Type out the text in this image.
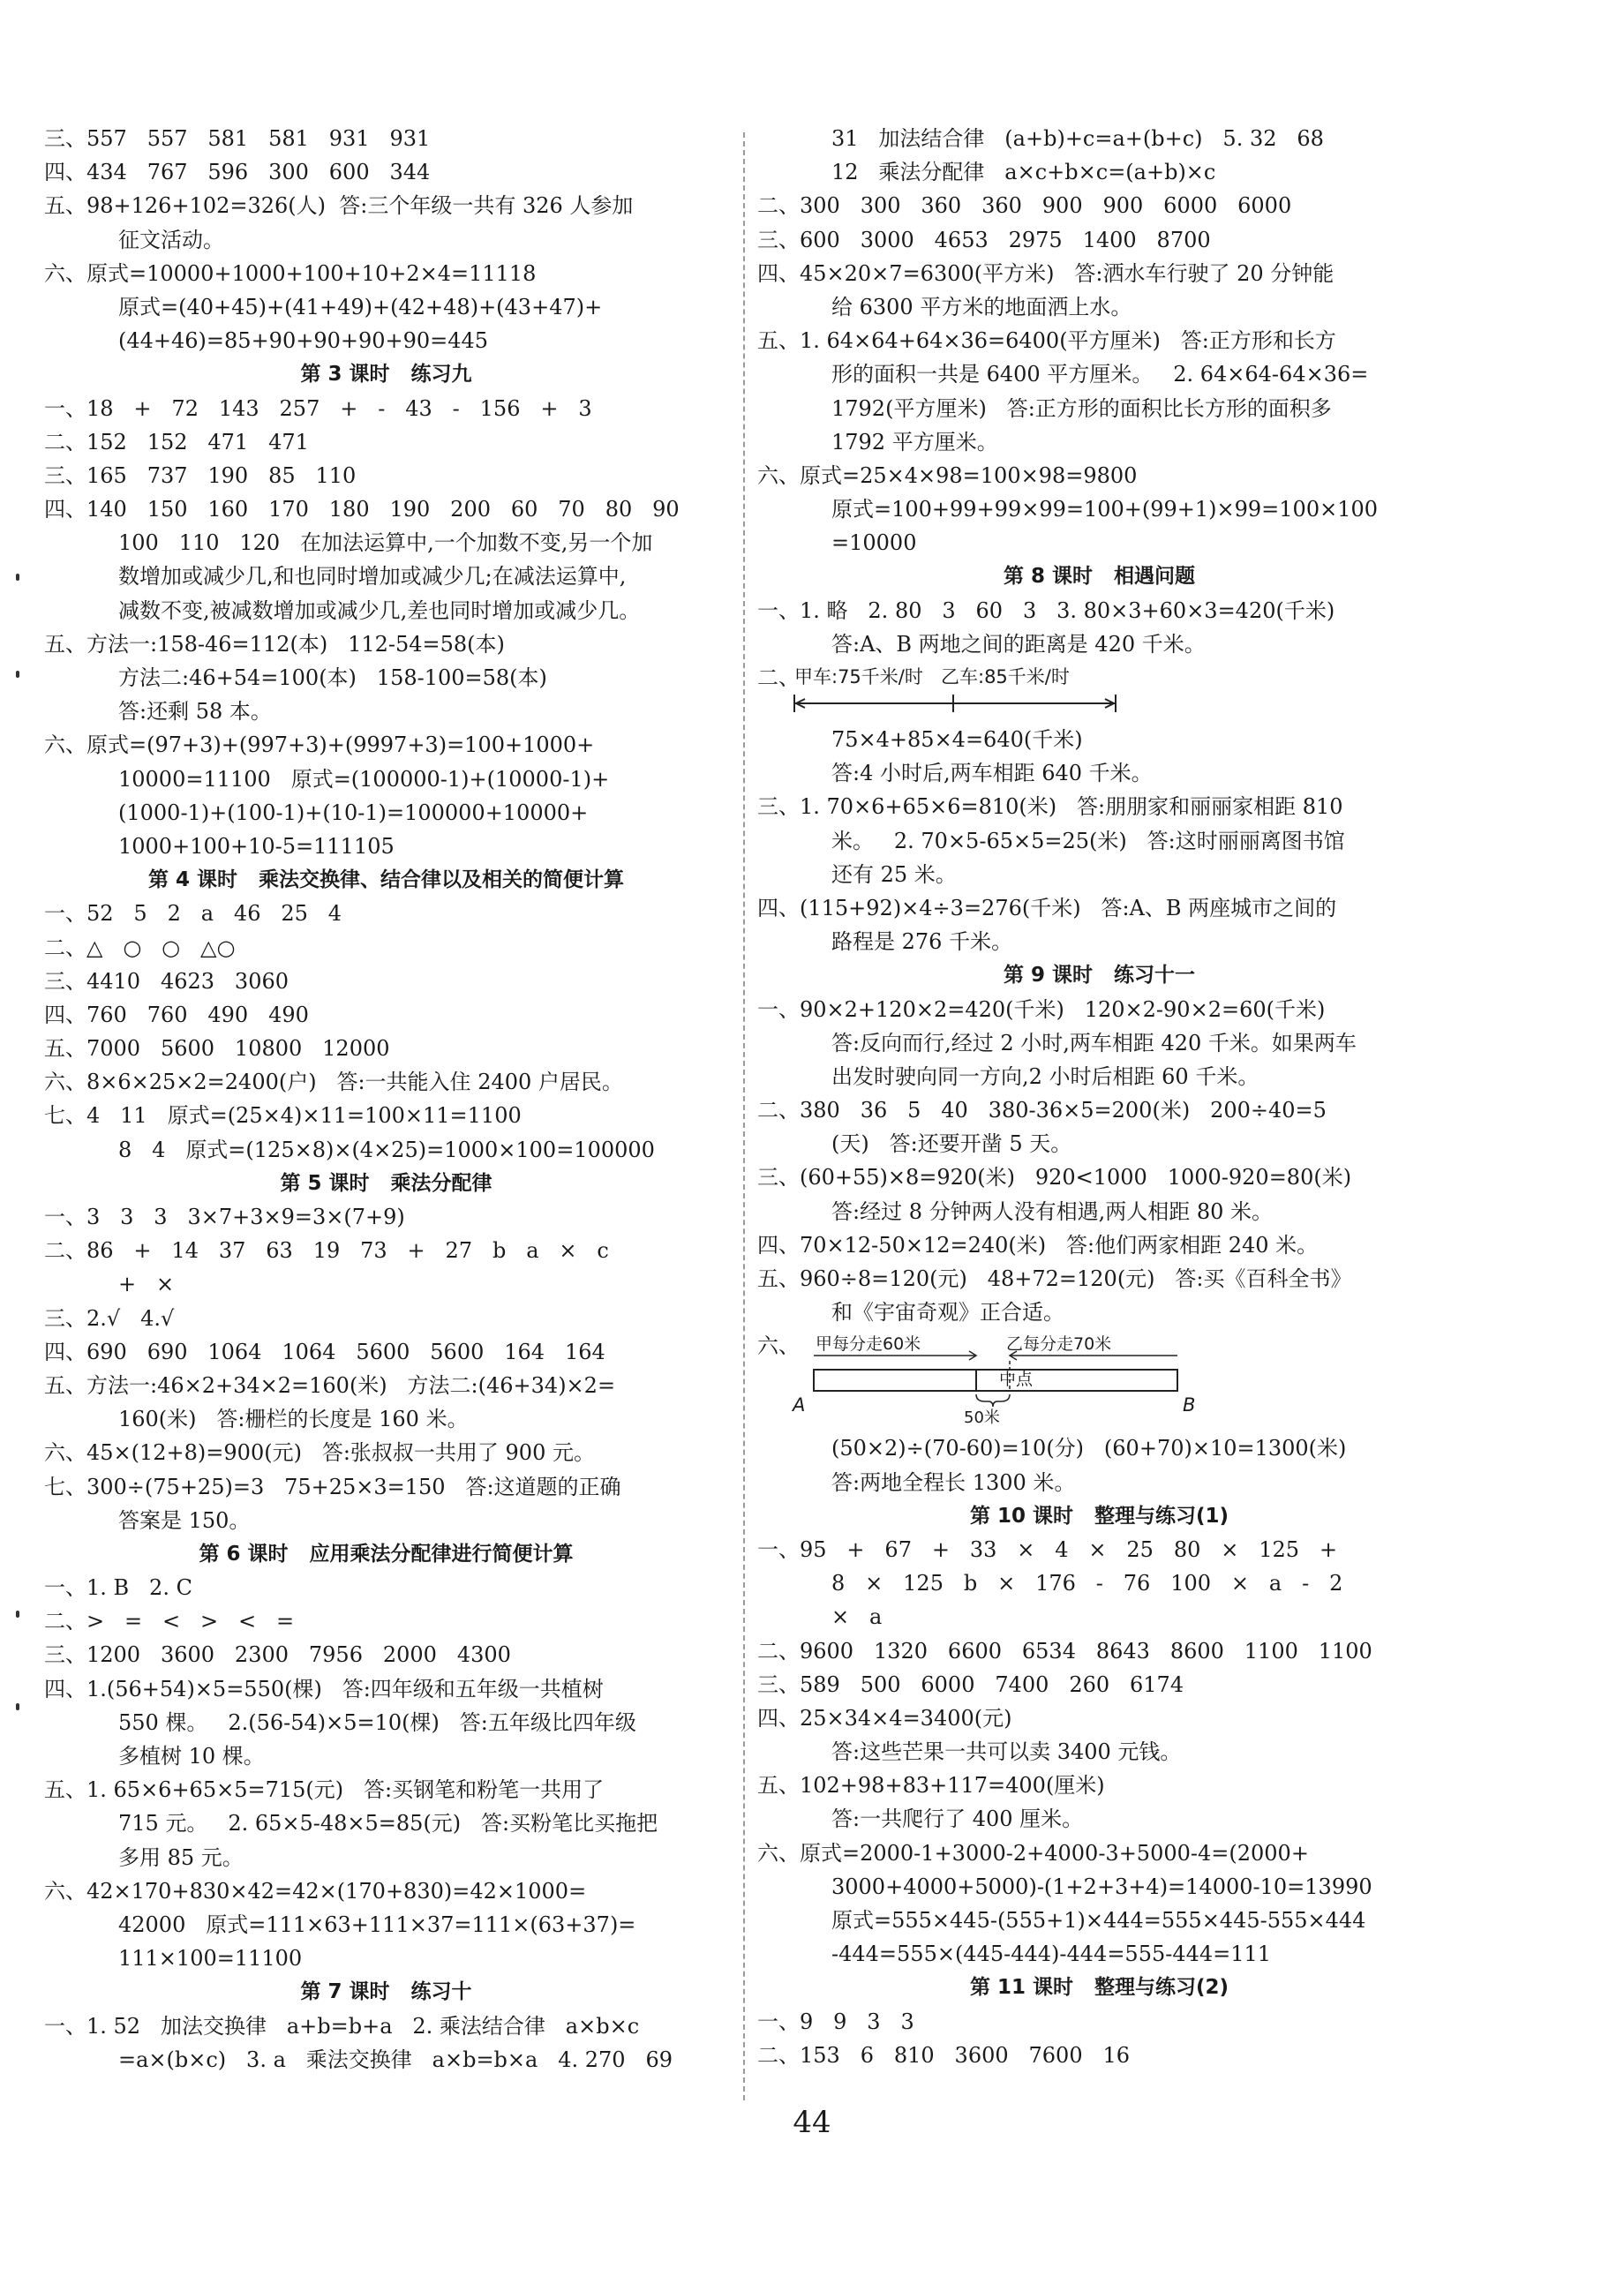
三、557   557   581   581   931   931
四、434   767   596   300   600   344
五、98+126+102=326(人)  答:三个年级一共有 326 人参加
征文活动。
六、原式=10000+1000+100+10+2×4=11118
原式=(40+45)+(41+49)+(42+48)+(43+47)+
(44+46)=85+90+90+90+90=445
第 3 课时   练习九
一、18   +   72   143   257   +   -   43   -   156   +   3
二、152   152   471   471
三、165   737   190   85   110
四、140   150   160   170   180   190   200   60   70   80   90
100   110   120   在加法运算中,一个加数不变,另一个加
数增加或减少几,和也同时增加或减少几;在减法运算中,
减数不变,被减数增加或减少几,差也同时增加或减少几。
五、方法一:158-46=112(本)   112-54=58(本)
方法二:46+54=100(本)   158-100=58(本)
答:还剩 58 本。
六、原式=(97+3)+(997+3)+(9997+3)=100+1000+
10000=11100   原式=(100000-1)+(10000-1)+
(1000-1)+(100-1)+(10-1)=100000+10000+
1000+100+10-5=111105
第 4 课时   乘法交换律、结合律以及相关的简便计算
一、52   5   2   a   46   25   4
二、△   ○   ○   △○
三、4410   4623   3060
四、760   760   490   490
五、7000   5600   10800   12000
六、8×6×25×2=2400(户)   答:一共能入住 2400 户居民。
七、4   11   原式=(25×4)×11=100×11=1100
8   4   原式=(125×8)×(4×25)=1000×100=100000
第 5 课时   乘法分配律
一、3   3   3   3×7+3×9=3×(7+9)
二、86   +   14   37   63   19   73   +   27   b   a   ×   c
+   ×
三、2.√   4.√
四、690   690   1064   1064   5600   5600   164   164
五、方法一:46×2+34×2=160(米)   方法二:(46+34)×2=
160(米)   答:栅栏的长度是 160 米。
六、45×(12+8)=900(元)   答:张叔叔一共用了 900 元。
七、300÷(75+25)=3   75+25×3=150   答:这道题的正确
答案是 150。
第 6 课时   应用乘法分配律进行简便计算
一、1. B   2. C
二、>   =   <   >   <   =
三、1200   3600   2300   7956   2000   4300
四、1.(56+54)×5=550(棵)   答:四年级和五年级一共植树
550 棵。   2.(56-54)×5=10(棵)   答:五年级比四年级
多植树 10 棵。
五、1. 65×6+65×5=715(元)   答:买钢笔和粉笔一共用了
715 元。   2. 65×5-48×5=85(元)   答:买粉笔比买拖把
多用 85 元。
六、42×170+830×42=42×(170+830)=42×1000=
42000   原式=111×63+111×37=111×(63+37)=
111×100=11100
第 7 课时   练习十
一、1. 52   加法交换律   a+b=b+a   2. 乘法结合律   a×b×c
=a×(b×c)   3. a   乘法交换律   a×b=b×a   4. 270   69
31   加法结合律   (a+b)+c=a+(b+c)   5. 32   68
12   乘法分配律   a×c+b×c=(a+b)×c
二、300   300   360   360   900   900   6000   6000
三、600   3000   4653   2975   1400   8700
四、45×20×7=6300(平方米)   答:洒水车行驶了 20 分钟能
给 6300 平方米的地面洒上水。
五、1. 64×64+64×36=6400(平方厘米)   答:正方形和长方
形的面积一共是 6400 平方厘米。   2. 64×64-64×36=
1792(平方厘米)   答:正方形的面积比长方形的面积多
1792 平方厘米。
六、原式=25×4×98=100×98=9800
原式=100+99+99×99=100+(99+1)×99=100×100
=10000
第 8 课时   相遇问题
一、1. 略   2. 80   3   60   3   3. 80×3+60×3=420(千米)
答:A、B 两地之间的距离是 420 千米。
二、
甲车:75千米/时 乙车:85千米/时
75×4+85×4=640(千米)
答:4 小时后,两车相距 640 千米。
三、1. 70×6+65×6=810(米)   答:朋朋家和丽丽家相距 810
米。   2. 70×5-65×5=25(米)   答:这时丽丽离图书馆
还有 25 米。
四、(115+92)×4÷3=276(千米)   答:A、B 两座城市之间的
路程是 276 千米。
第 9 课时   练习十一
一、90×2+120×2=420(千米)   120×2-90×2=60(千米)
答:反向而行,经过 2 小时,两车相距 420 千米。如果两车
出发时驶向同一方向,2 小时后相距 60 千米。
二、380   36   5   40   380-36×5=200(米)   200÷40=5
(天)   答:还要开凿 5 天。
三、(60+55)×8=920(米)   920<1000   1000-920=80(米)
答:经过 8 分钟两人没有相遇,两人相距 80 米。
四、70×12-50×12=240(米)   答:他们两家相距 240 米。
五、960÷8=120(元)   48+72=120(元)   答:买《百科全书》
和《宇宙奇观》正合适。
六、 甲每分走60米	乙每分走70米
A	B
中点
50米
(50×2)÷(70-60)=10(分)   (60+70)×10=1300(米)
答:两地全程长 1300 米。
第 10 课时   整理与练习(1)
一、95   +   67   +   33   ×   4   ×   25   80   ×   125   +
8   ×   125   b   ×   176   -   76   100   ×   a   -   2
×   a
二、9600   1320   6600   6534   8643   8600   1100   1100
三、589   500   6000   7400   260   6174
四、25×34×4=3400(元)
答:这些芒果一共可以卖 3400 元钱。
五、102+98+83+117=400(厘米)
答:一共爬行了 400 厘米。
六、原式=2000-1+3000-2+4000-3+5000-4=(2000+
3000+4000+5000)-(1+2+3+4)=14000-10=13990
原式=555×445-(555+1)×444=555×445-555×444
-444=555×(445-444)-444=555-444=111
第 11 课时   整理与练习(2)
一、9   9   3   3
二、153   6   810   3600   7600   16
44
